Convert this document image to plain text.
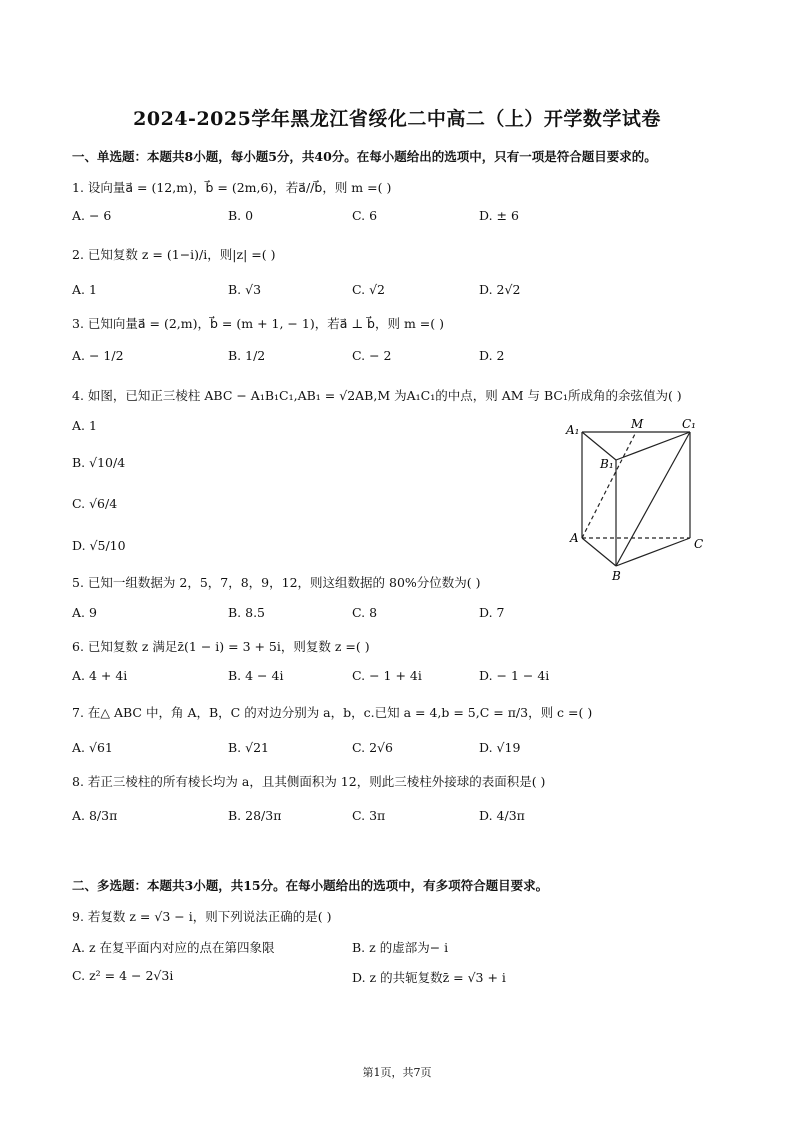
2024-2025学年黑龙江省绥化二中高二（上）开学数学试卷
一、单选题：本题共8小题，每小题5分，共40分。在每小题给出的选项中，只有一项是符合题目要求的。
1. 设向量a⃗ = (12,m)，b⃗ = (2m,6)，若a⃗//b⃗，则 m =( )
A. − 6	B. 0	C. 6	D. ± 6
2. 已知复数 z = (1−i)/i，则|z| =( )
A. 1	B. √3	C. √2	D. 2√2
3. 已知向量a⃗ = (2,m)，b⃗ = (m + 1, − 1)，若a⃗ ⊥ b⃗，则 m =( )
A. − 1/2	B. 1/2	C. − 2	D. 2
4. 如图，已知正三棱柱 ABC − A₁B₁C₁,AB₁ = √2AB,M 为A₁C₁的中点，则 AM 与 BC₁所成角的余弦值为( )
A. 1
B. √10/4
C. √6/4
D. √5/10
A₁	M	C₁
B₁
A	C
B
5. 已知一组数据为 2，5，7，8，9，12，则这组数据的 80%分位数为( )
A. 9	B. 8.5	C. 8	D. 7
6. 已知复数 z 满足z̄(1 − i) = 3 + 5i，则复数 z =( )
A. 4 + 4i	B. 4 − 4i	C. − 1 + 4i	D. − 1 − 4i
7. 在△ ABC 中，角 A，B，C 的对边分别为 a，b，c.已知 a = 4,b = 5,C = π/3，则 c =( )
A. √61	B. √21	C. 2√6	D. √19
8. 若正三棱柱的所有棱长均为 a，且其侧面积为 12，则此三棱柱外接球的表面积是( )
A. 8/3π	B. 28/3π	C. 3π	D. 4/3π
二、多选题：本题共3小题，共15分。在每小题给出的选项中，有多项符合题目要求。
9. 若复数 z = √3 − i，则下列说法正确的是( )
A. z 在复平面内对应的点在第四象限	B. z 的虚部为− i
C. z² = 4 − 2√3i	D. z 的共轭复数z̄ = √3 + i
第1页，共7页
